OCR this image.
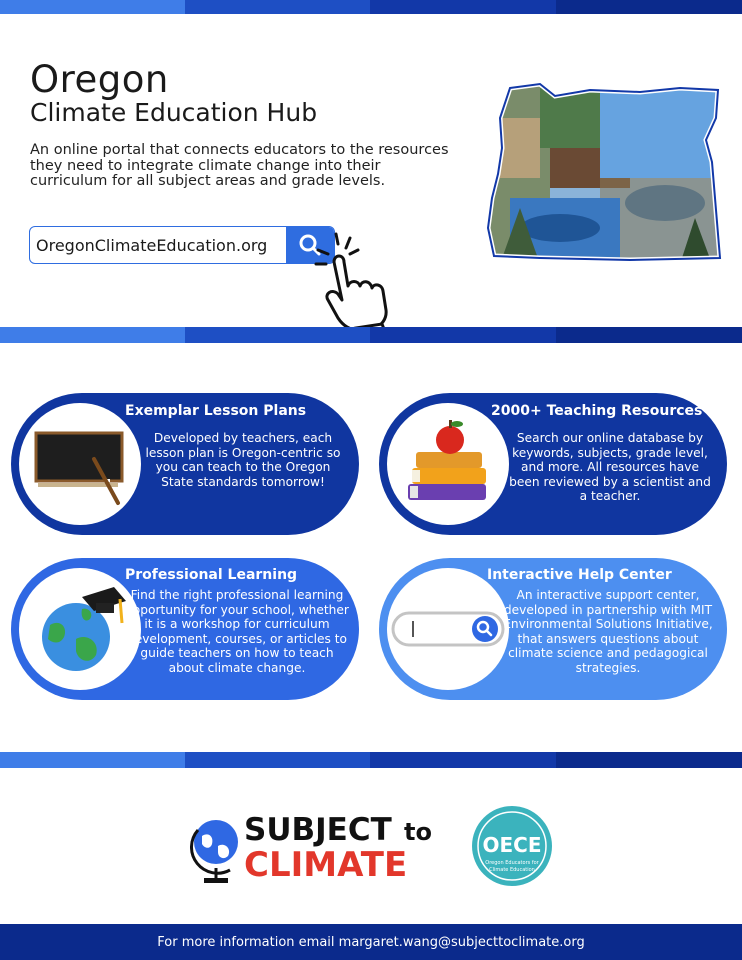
Oregon
Climate Education Hub
An online portal that connects educators to the resources they need to integrate climate change into their curriculum for all subject areas and grade levels.
OregonClimateEducation.org
Exemplar Lesson Plans
Developed by teachers, each lesson plan is Oregon-centric so you can teach to the Oregon State standards tomorrow!
2000+ Teaching Resources
Search our online database by keywords, subjects, grade level, and more. All resources have been reviewed by a scientist and a teacher.
Professional Learning
Find the right professional learning opportunity for your school, whether it is a workshop for curriculum development, courses, or articles to guide teachers on how to teach about climate change.
Interactive Help Center
An interactive support center, developed in partnership with MIT Environmental Solutions Initiative, that answers questions about climate science and pedagogical strategies.
SUBJECT to
CLIMATE	OECE
Oregon Educators for
Climate Education
For more information email margaret.wang@subjecttoclimate.org
